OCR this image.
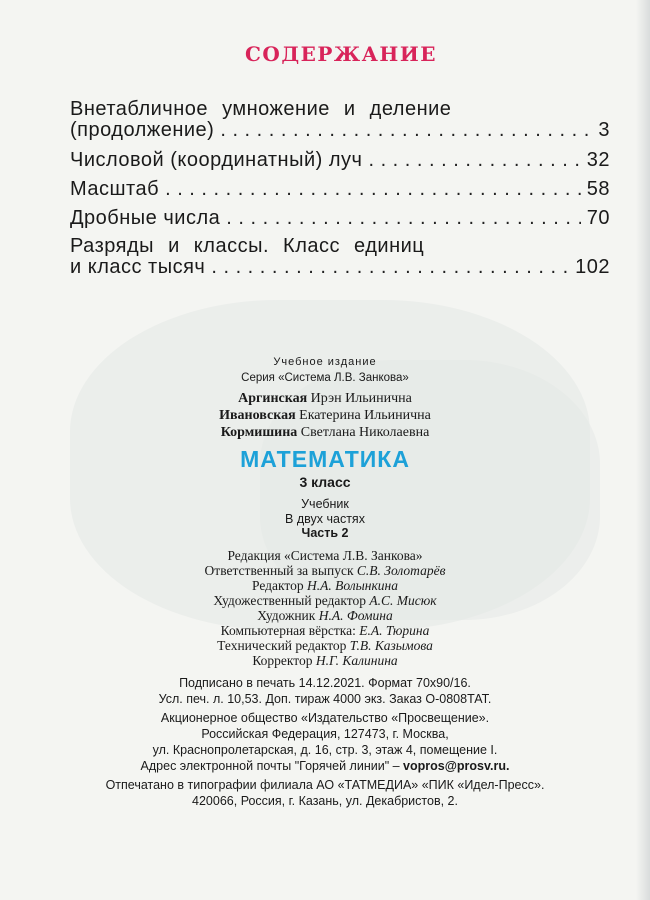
СОДЕРЖАНИЕ
Внетабличное умножение и деление
(продолжение) . . .	3
Числовой (координатный) луч . . .	32
Масштаб . . .	58
Дробные числа . . .	70
Разряды и классы. Класс единиц
и класс тысяч . . .	102
Учебное издание
Серия «Система Л.В. Занкова»
Аргинская Ирэн Ильинична
Ивановская Екатерина Ильинична
Кормишина Светлана Николаевна
МАТЕМАТИКА
3 класс
Учебник
В двух частях
Часть 2
Редакция «Система Л.В. Занкова»
Ответственный за выпуск С.В. Золотарёв
Редактор Н.А. Волынкина
Художественный редактор А.С. Мисюк
Художник Н.А. Фомина
Компьютерная вёрстка: Е.А. Тюрина
Технический редактор Т.В. Казымова
Корректор Н.Г. Калинина
Подписано в печать 14.12.2021. Формат 70х90/16.
Усл. печ. л. 10,53. Доп. тираж 4000 экз. Заказ О-0808ТАТ.
Акционерное общество «Издательство «Просвещение».
Российская Федерация, 127473, г. Москва,
ул. Краснопролетарская, д. 16, стр. 3, этаж 4, помещение I.
Адрес электронной почты "Горячей линии" – vopros@prosv.ru.
Отпечатано в типографии филиала АО «ТАТМЕДИА» «ПИК «Идел-Пресс».
420066, Россия, г. Казань, ул. Декабристов, 2.
